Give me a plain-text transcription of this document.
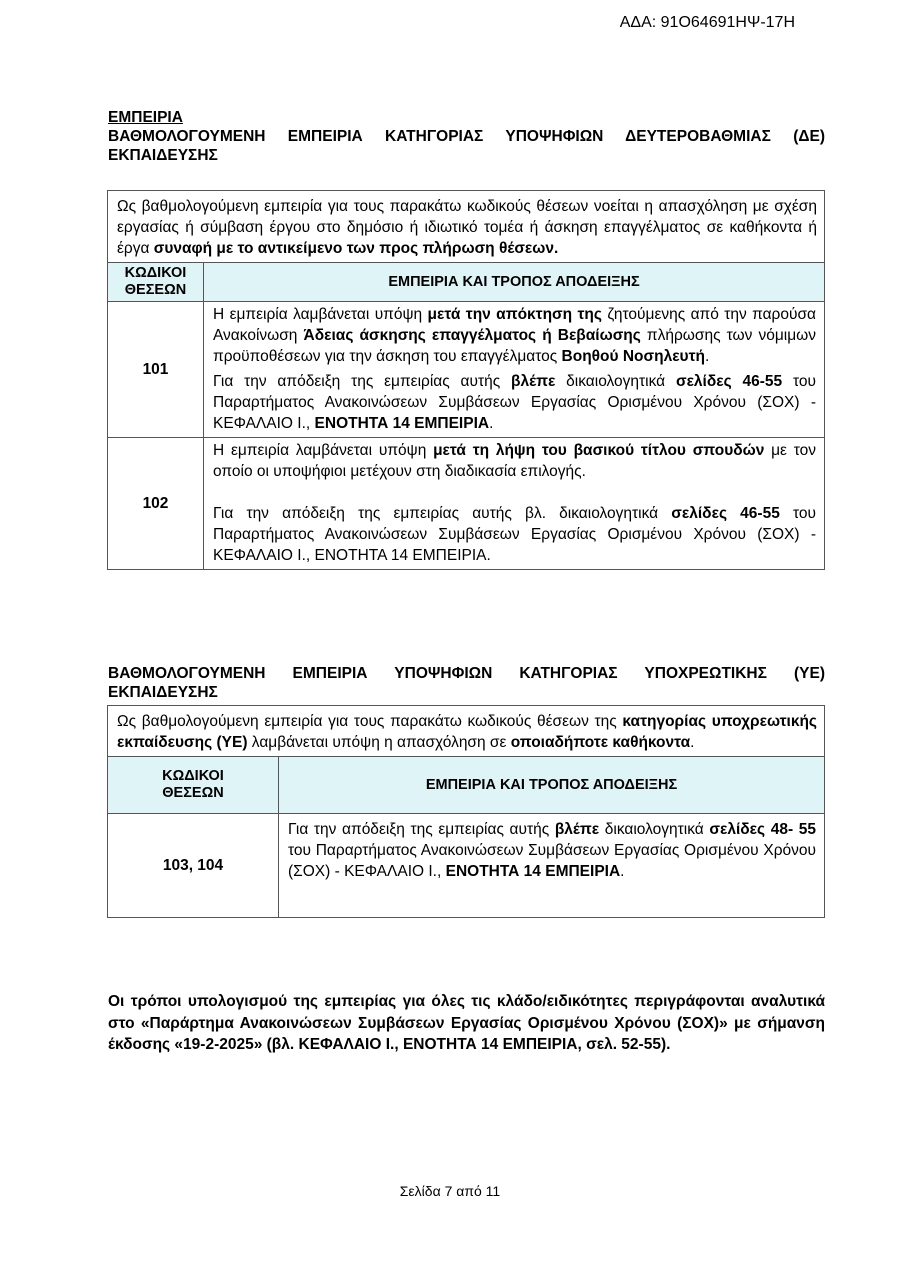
ΑΔΑ: 91Ο64691ΗΨ-17Η
ΕΜΠΕΙΡΙΑ
ΒΑΘΜΟΛΟΓΟΥΜΕΝΗ ΕΜΠΕΙΡΙΑ ΚΑΤΗΓΟΡΙΑΣ ΥΠΟΨΗΦΙΩΝ ΔΕΥΤΕΡΟΒΑΘΜΙΑΣ (ΔΕ) ΕΚΠΑΙΔΕΥΣΗΣ
Ως βαθμολογούμενη εμπειρία για τους παρακάτω κωδικούς θέσεων νοείται η απασχόληση με σχέση εργασίας ή σύμβαση έργου στο δημόσιο ή ιδιωτικό τομέα ή άσκηση επαγγέλματος σε καθήκοντα ή έργα συναφή με το αντικείμενο των προς πλήρωση θέσεων.	
ΚΩΔΙΚΟΙ ΘΕΣΕΩΝ	ΕΜΠΕΙΡΙΑ ΚΑΙ ΤΡΟΠΟΣ ΑΠΟΔΕΙΞΗΣ
101	Η εμπειρία λαμβάνεται υπόψη μετά την απόκτηση της ζητούμενης από την παρούσα Ανακοίνωση Άδειας άσκησης επαγγέλματος ή Βεβαίωσης πλήρωσης των νόμιμων προϋποθέσεων για την άσκηση του επαγγέλματος Βοηθού Νοσηλευτή.

Για την απόδειξη της εμπειρίας αυτής βλέπε δικαιολογητικά σελίδες 46-55 του Παραρτήματος Ανακοινώσεων Συμβάσεων Εργασίας Ορισμένου Χρόνου (ΣΟΧ) - ΚΕΦΑΛΑΙΟ Ι., ΕΝΟΤΗΤΑ 14 ΕΜΠΕΙΡΙΑ.

102	Η εμπειρία λαμβάνεται υπόψη μετά τη λήψη του βασικού τίτλου σπουδών με τον οποίο οι υποψήφιοι μετέχουν στη διαδικασία επιλογής.

Για την απόδειξη της εμπειρίας αυτής βλ. δικαιολογητικά σελίδες 46-55 του Παραρτήματος Ανακοινώσεων Συμβάσεων Εργασίας Ορισμένου Χρόνου (ΣΟΧ) - ΚΕΦΑΛΑΙΟ Ι., ΕΝΟΤΗΤΑ 14 ΕΜΠΕΙΡΙΑ.

ΒΑΘΜΟΛΟΓΟΥΜΕΝΗ ΕΜΠΕΙΡΙΑ ΥΠΟΨΗΦΙΩΝ ΚΑΤΗΓΟΡΙΑΣ ΥΠΟΧΡΕΩΤΙΚΗΣ (ΥΕ) ΕΚΠΑΙΔΕΥΣΗΣ
Ως βαθμολογούμενη εμπειρία για τους παρακάτω κωδικούς θέσεων της κατηγορίας υποχρεωτικής εκπαίδευσης (ΥΕ) λαμβάνεται υπόψη η απασχόληση σε οποιαδήποτε καθήκοντα.	
ΚΩΔΙΚΟΙ ΘΕΣΕΩΝ	ΕΜΠΕΙΡΙΑ ΚΑΙ ΤΡΟΠΟΣ ΑΠΟΔΕΙΞΗΣ
103, 104	Για την απόδειξη της εμπειρίας αυτής βλέπε δικαιολογητικά σελίδες 48- 55 του Παραρτήματος Ανακοινώσεων Συμβάσεων Εργασίας Ορισμένου Χρόνου (ΣΟΧ) - ΚΕΦΑΛΑΙΟ Ι., ΕΝΟΤΗΤΑ 14 ΕΜΠΕΙΡΙΑ.

Οι τρόποι υπολογισμού της εμπειρίας για όλες τις κλάδο/ειδικότητες περιγράφονται αναλυτικά στο «Παράρτημα Ανακοινώσεων Συμβάσεων Εργασίας Ορισμένου Χρόνου (ΣΟΧ)» με σήμανση έκδοσης «19-2-2025» (βλ. ΚΕΦΑΛΑΙΟ Ι., ΕΝΟΤΗΤΑ 14 ΕΜΠΕΙΡΙΑ, σελ. 52-55).
Σελίδα 7 από 11
